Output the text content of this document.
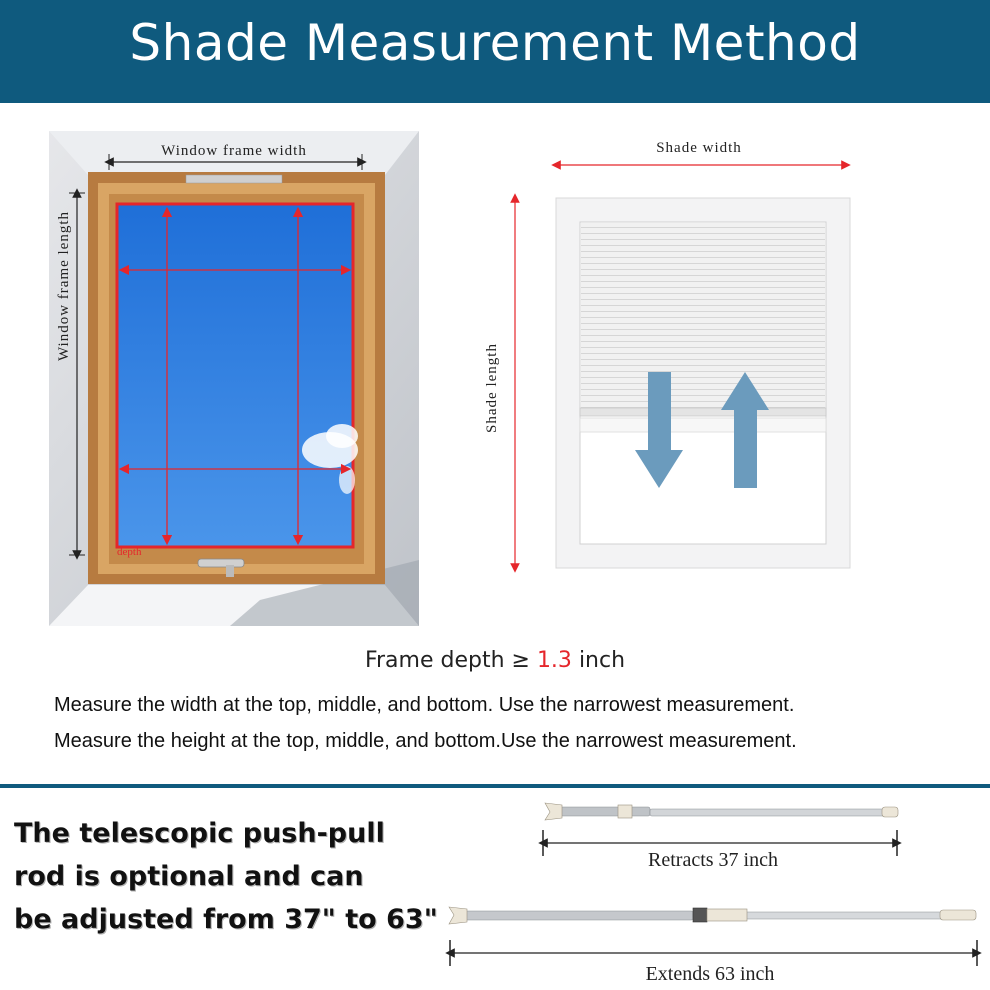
Shade Measurement Method
depth
Window frame width
Window frame length
Shade width
Shade length
Retracts 37 inch
Extends 63 inch
Frame depth ≥ 1.3 inch
Measure the width at the top, middle, and bottom. Use the narrowest measurement.
Measure the height at the top, middle, and bottom.Use the narrowest measurement.
The telescopic push-pull
rod is optional and can
be adjusted from 37" to 63"
